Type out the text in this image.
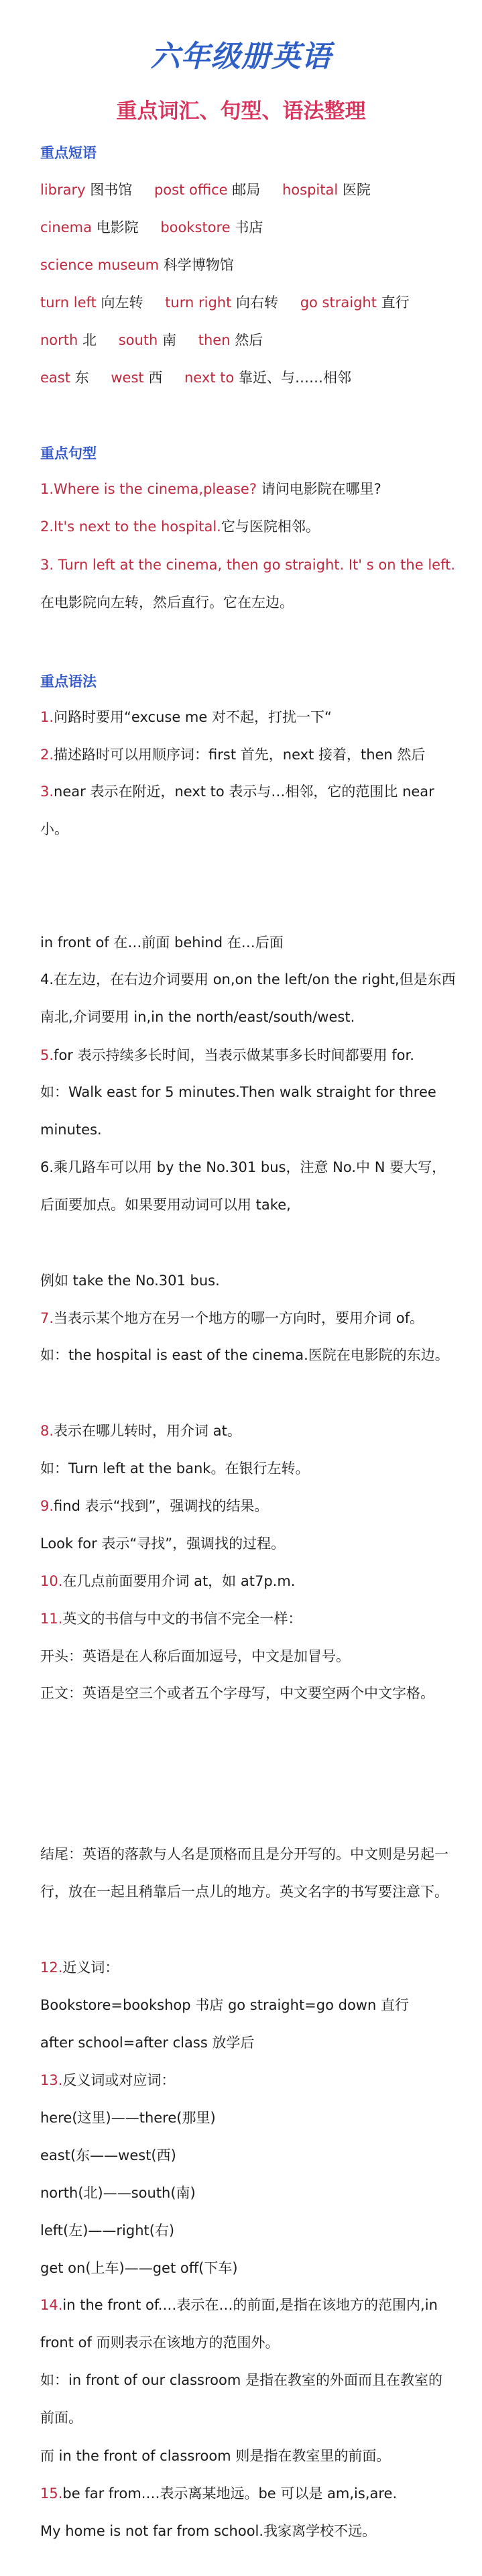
六年级册英语
重点词汇、句型、语法整理
重点短语
library 图书馆 post office 邮局 hospital 医院
cinema 电影院 bookstore 书店
science museum 科学博物馆
turn left 向左转 turn right 向右转 go straight 直行
north 北 south 南 then 然后
east 东 west 西 next to 靠近、与……相邻
重点句型
1.Where is the cinema,please? 请问电影院在哪里?
2.It's next to the hospital.它与医院相邻。
3. Turn left at the cinema, then go straight. It' s on the left. 在电影院向左转，然后直行。它在左边。
重点语法
1.问路时要用“excuse me 对不起，打扰一下“
2.描述路时可以用顺序词：first 首先，next 接着，then 然后
3.near 表示在附近，next to 表示与…相邻，它的范围比 near 小。
in front of 在…前面 behind 在…后面
4.在左边，在右边介词要用 on,on the left/on the right,但是东西南北,介词要用 in,in the north/east/south/west.
5.for 表示持续多长时间，当表示做某事多长时间都要用 for.
如：Walk east for 5 minutes.Then walk straight for three minutes.
6.乘几路车可以用 by the No.301 bus，注意 No.中 N 要大写，后面要加点。如果要用动词可以用 take,
例如 take the No.301 bus.
7.当表示某个地方在另一个地方的哪一方向时，要用介词 of。
如：the hospital is east of the cinema.医院在电影院的东边。
8.表示在哪儿转时，用介词 at。
如：Turn left at the bank。在银行左转。
9.find 表示“找到”，强调找的结果。
Look for 表示“寻找”，强调找的过程。
10.在几点前面要用介词 at，如 at7p.m.
11.英文的书信与中文的书信不完全一样：
开头：英语是在人称后面加逗号，中文是加冒号。
正文：英语是空三个或者五个字母写，中文要空两个中文字格。
结尾：英语的落款与人名是顶格而且是分开写的。中文则是另起一行，放在一起且稍靠后一点儿的地方。英文名字的书写要注意下。
12.近义词：
Bookstore=bookshop 书店 go straight=go down 直行
after school=after class 放学后
13.反义词或对应词：
here(这里)——there(那里)
east(东——west(西)
north(北)——south(南)
left(左)——right(右)
get on(上车)——get off(下车)
14.in the front of.…表示在…的前面,是指在该地方的范围内,in front of 而则表示在该地方的范围外。
如：in front of our classroom 是指在教室的外面而且在教室的前面。
而 in the front of classroom 则是指在教室里的前面。
15.be far from.…表示离某地远。be 可以是 am,is,are.
My home is not far from school.我家离学校不远。
